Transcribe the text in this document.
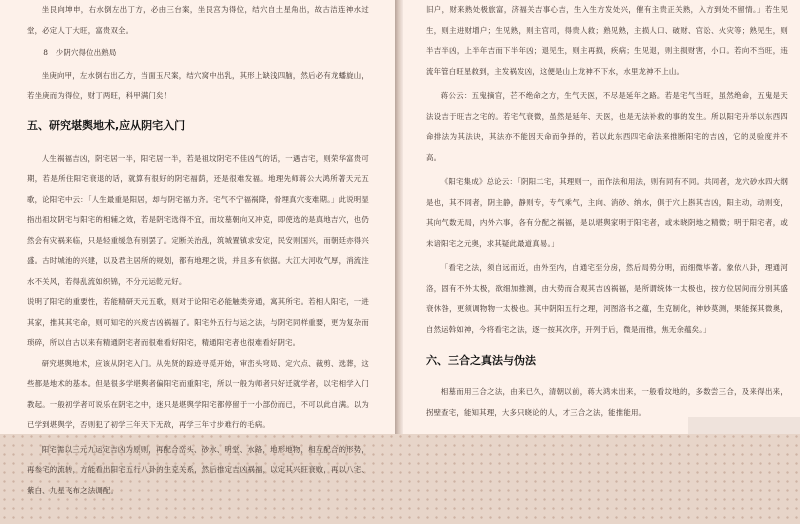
坐艮向坤申，右水倒左出丁方，必由三台案，坐艮宫为得位，结穴自土星角出，故古洁连神水过堂，必定人丁大旺，富贵双全。

8　少阴穴得位出熟局

坐庚向甲，左水倒右出乙方，当面玉尺案，结穴窝中出乳，其形上缺浅四脑，然后必有龙蟠旋山，若坐庚而为得位，财丁两旺，科甲满门矣！

五、研究堪舆地术,应从阴宅入门

人生祸福吉凶，阴宅居一半，阳宅居一半，若是祖坟阴宅不佳凶气的话，一遇吉宅，则荣华富贵可期，若是所住阳宅衰退的话，就算有很好的阴宅福荫，还是很难发福。地理先师蒋公大鸿所著天元五歌，论阳宅中云：「人生最重是阳居，却与阴宅福力齐。宅气不宁福祸降，骨埋真穴变难期。」此说明显指出祖坟阴宅与阳宅的相辅之效，若是阴宅选得不宜，而坟墓朝向又冲克，即使选的是真地吉穴，也仍然会有灾祸来临，只是轻重缓急有别罢了。定断关治乱，筑城置镇求安定，民安则国兴，而朝廷亦得兴盛。古时城池的兴建，以及君主居所的规划，都有地理之说，并且多有依据。大江大河收气厚，消流注水不关风，若得乱流如织锦，不分元运乾元好。

说明了阳宅的重要性，若能精研天元五歌，则对于论阳宅必能触类旁通，寓其所宅。若相人阳宅，一进其家，推其其宅命，则可知宅的兴废吉凶祸福了。阳宅外五行与运之法，与阴宅同样重要，更为复杂而琐碎，所以自古以来有精通阴宅者而很难看好阳宅，精通阳宅者也很难看好阴宅。

研究堪舆地术，应该从阴宅入门。从先贤的踪迹寻觅开始，审峦头穹局、定穴点、裁剪、选葬，这些都是地术的基本。但是很多学堪舆者偏阳宅而重阳宅，所以一般为师者只好迁就学者，以宅相学入门教起。一般初学者可说乐在阴宅之中，迷只是堪舆学阳宅都停留于一小部份而已，不可以此自满。以为已学到堪舆学，否则犯了初学三年天下无敌，再学三年寸步难行的毛病。

阳宅需以三元九运定吉凶为原则，再配合峦头、砂水、明堂、水路，地形地物，相互配合的形势，再参宅的流转，方能看出阳宅五行八卦的生克关系，然后推定吉凶祸福，以定其兴旺衰败，再以八宅、紫白、九星飞布之法调配。

旧户，财来熟处极旅富，济福关吉事心吉，生入生方发处兴，催有主贵正关熟，入方到处不留情。」若生见生，则主进财增户；生见熟，则主官司，得贵人救；熟见熟，主损人口、破财、官讼、火灾等；熟见生，则半吉半凶，上半年吉而下半年凶；退见生，则主再损，疾病；生见退，则主损财害，小口。若向不当旺，违流年管白旺星救到，主发祸发凶，这便是山上龙神不下水，水里龙神不上山。

蒋公云：五鬼摘官，芒不绝命之方，生气天医，不尽是延年之路。若是宅气当旺，虽然绝命，五鬼是天法设吉于旺吉之宅的。若宅气衰微，虽然是延年、天医，也是无法补救的事的发生。所以阳宅升举以东西四命排法为其法诀，其法亦不能因天命而争择的，若以此东西四宅命法来推断阳宅的吉凶，它的灵验度并不高。

《阳宅集成》总论云：「阴阳二宅，其理则一，而作法和用法，则有同有不同。共同者，龙穴砂水四大纲是也，其不同者，阴主静，静则专，专气乘气，主向、消砂、纳水，俱于穴上斟其吉凶，阳主动，动则变，其向气数无局，内外六事，各有分配之祸福，是以堪舆家明于阳宅者，或未晓阴地之精微；明于阳宅者，或未谙阳宅之元奥，求其疑此最道真易。」

「看宅之法，须自远而近，由外至内，自通宅至分房，然后局势分明，而细微毕著。象依八卦，理通河洛，固有不外太极，欲细加推测，由大势而合观其吉凶祸福，是所谓统体一太极也，按方位居间而分别其盛衰休咎，更须调物物一太极也。其中阴阳五行之理，河图洛书之蕴，生克制化，神妙莫测，果能探其微奥，自然运斡如神，今将看宅之法，逐一按其次序，开列于后，微是而推，焦无余蕴矣。」

六、三合之真法与伪法

相墓而用三合之法，由来已久，清朝以前，蒋大鸿未出来，一般看坟地的，多数尝三合，及来得出来，拐壁查宅，能知其理，大多只晓论的人，才三合之法，能推能用。
